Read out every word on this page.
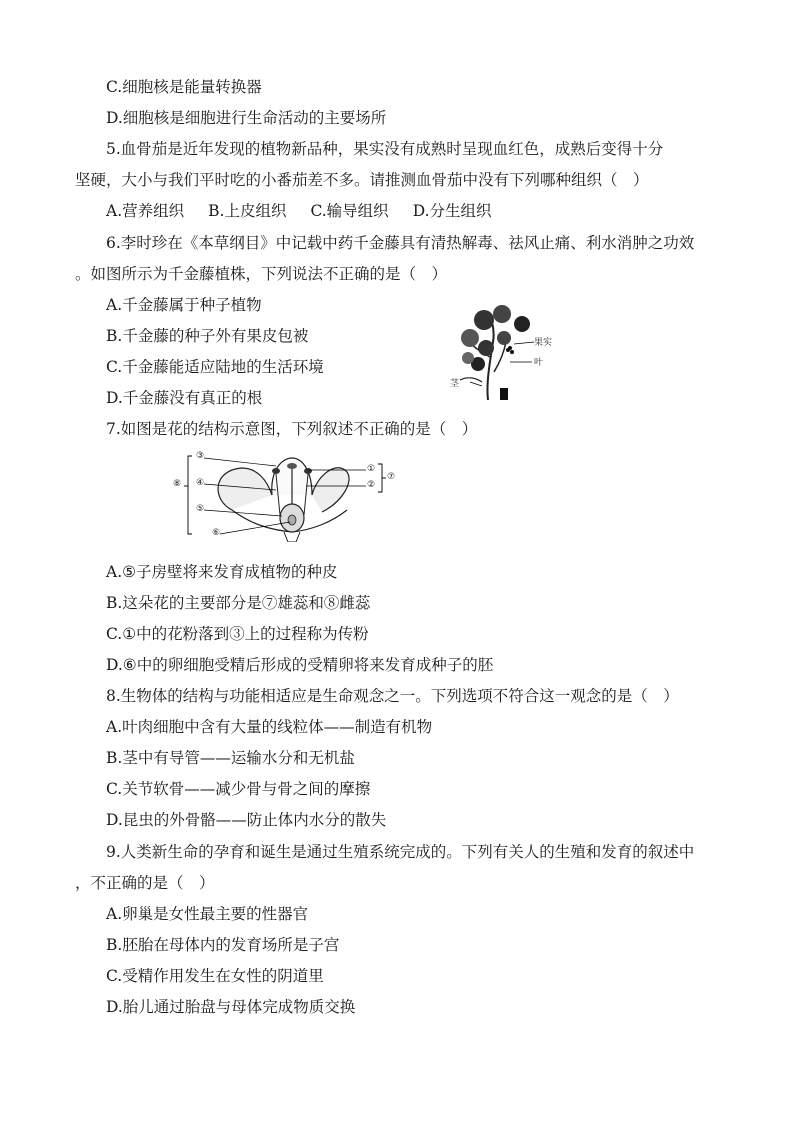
C.细胞核是能量转换器
D.细胞核是细胞进行生命活动的主要场所
5.血骨茄是近年发现的植物新品种，果实没有成熟时呈现血红色，成熟后变得十分
坚硬，大小与我们平时吃的小番茄差不多。请推测血骨茄中没有下列哪种组织（　）
A.营养组织 B.上皮组织 C.输导组织 D.分生组织
6.李时珍在《本草纲目》中记载中药千金藤具有清热解毒、祛风止痛、利水消肿之功效
。如图所示为千金藤植株，下列说法不正确的是（　）
A.千金藤属于种子植物
B.千金藤的种子外有果皮包被
C.千金藤能适应陆地的生活环境
D.千金藤没有真正的根
果实
叶
茎
7.如图是花的结构示意图，下列叙述不正确的是（　）
③
⑧ ④
⑤
⑥
①
②
⑦
A.⑤子房壁将来发育成植物的种皮
B.这朵花的主要部分是⑦雄蕊和⑧雌蕊
C.①中的花粉落到③上的过程称为传粉
D.⑥中的卵细胞受精后形成的受精卵将来发育成种子的胚
8.生物体的结构与功能相适应是生命观念之一。下列选项不符合这一观念的是（　）
A.叶肉细胞中含有大量的线粒体——制造有机物
B.茎中有导管——运输水分和无机盐
C.关节软骨——减少骨与骨之间的摩擦
D.昆虫的外骨骼——防止体内水分的散失
9.人类新生命的孕育和诞生是通过生殖系统完成的。下列有关人的生殖和发育的叙述中
，不正确的是（　）
A.卵巢是女性最主要的性器官
B.胚胎在母体内的发育场所是子宫
C.受精作用发生在女性的阴道里
D.胎儿通过胎盘与母体完成物质交换
